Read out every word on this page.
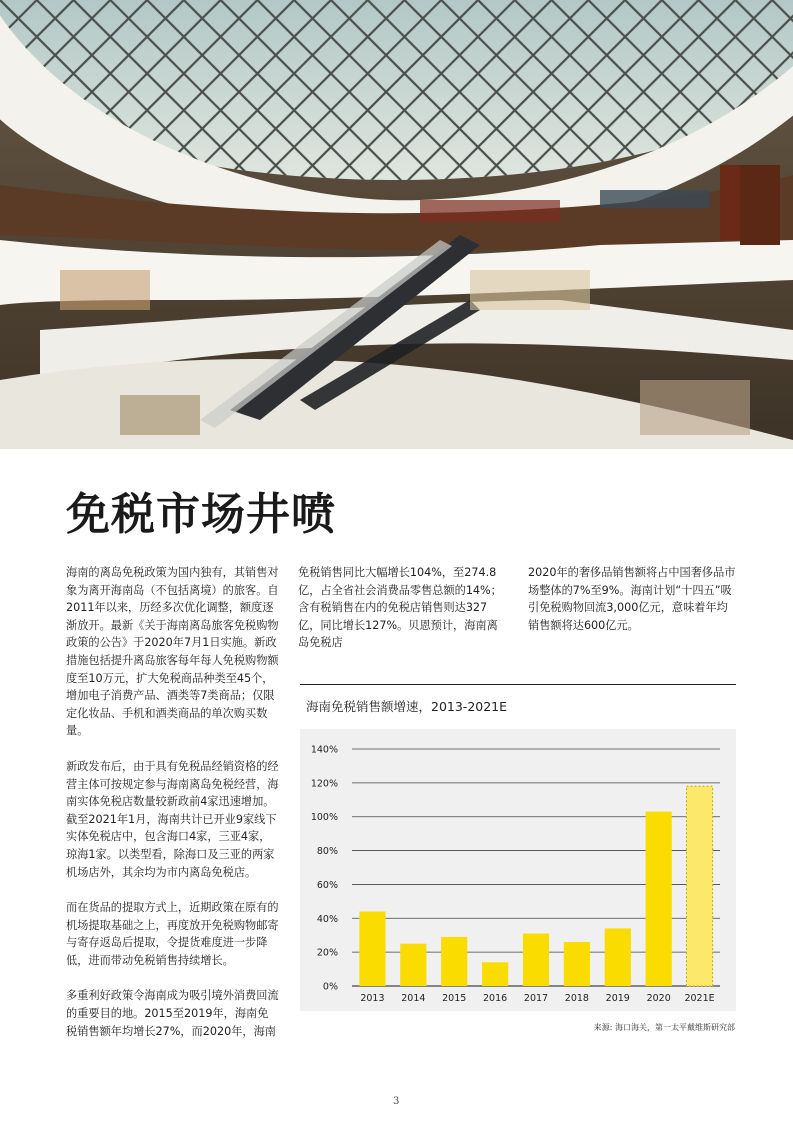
免税市场井喷

海南的离岛免税政策为国内独有，其销售对象为离开海南岛（不包括离境）的旅客。自2011年以来，历经多次优化调整，额度逐渐放开。最新《关于海南离岛旅客免税购物政策的公告》于2020年7月1日实施。新政措施包括提升离岛旅客每年每人免税购物额度至10万元，扩大免税商品种类至45个，增加电子消费产品、酒类等7类商品；仅限定化妆品、手机和酒类商品的单次购买数量。

新政发布后，由于具有免税品经销资格的经营主体可按规定参与海南离岛免税经营，海南实体免税店数量较新政前4家迅速增加。截至2021年1月，海南共计已开业9家线下实体免税店中，包含海口4家，三亚4家，琼海1家。以类型看，除海口及三亚的两家机场店外，其余均为市内离岛免税店。

而在货品的提取方式上，近期政策在原有的机场提取基础之上，再度放开免税购物邮寄与寄存返岛后提取，令提货难度进一步降低，进而带动免税销售持续增长。

多重利好政策令海南成为吸引境外消费回流的重要目的地。2015至2019年，海南免税销售额年均增长27%，而2020年，海南

免税销售同比大幅增长104%，至274.8亿，占全省社会消费品零售总额的14%；含有税销售在内的免税店销售则达327亿，同比增长127%。贝恩预计，海南离岛免税店

2020年的奢侈品销售额将占中国奢侈品市场整体的7%至9%。海南计划“十四五”吸引免税购物回流3,000亿元，意味着年均销售额将达600亿元。

海南免税销售额增速，2013-2021E
0%
20%
40%
60%
80%
100%
120%
140%
2013 2014 2015 2016 2017 2018 2019 2020 2021E
来源: 海口海关，第一太平戴维斯研究部
3
